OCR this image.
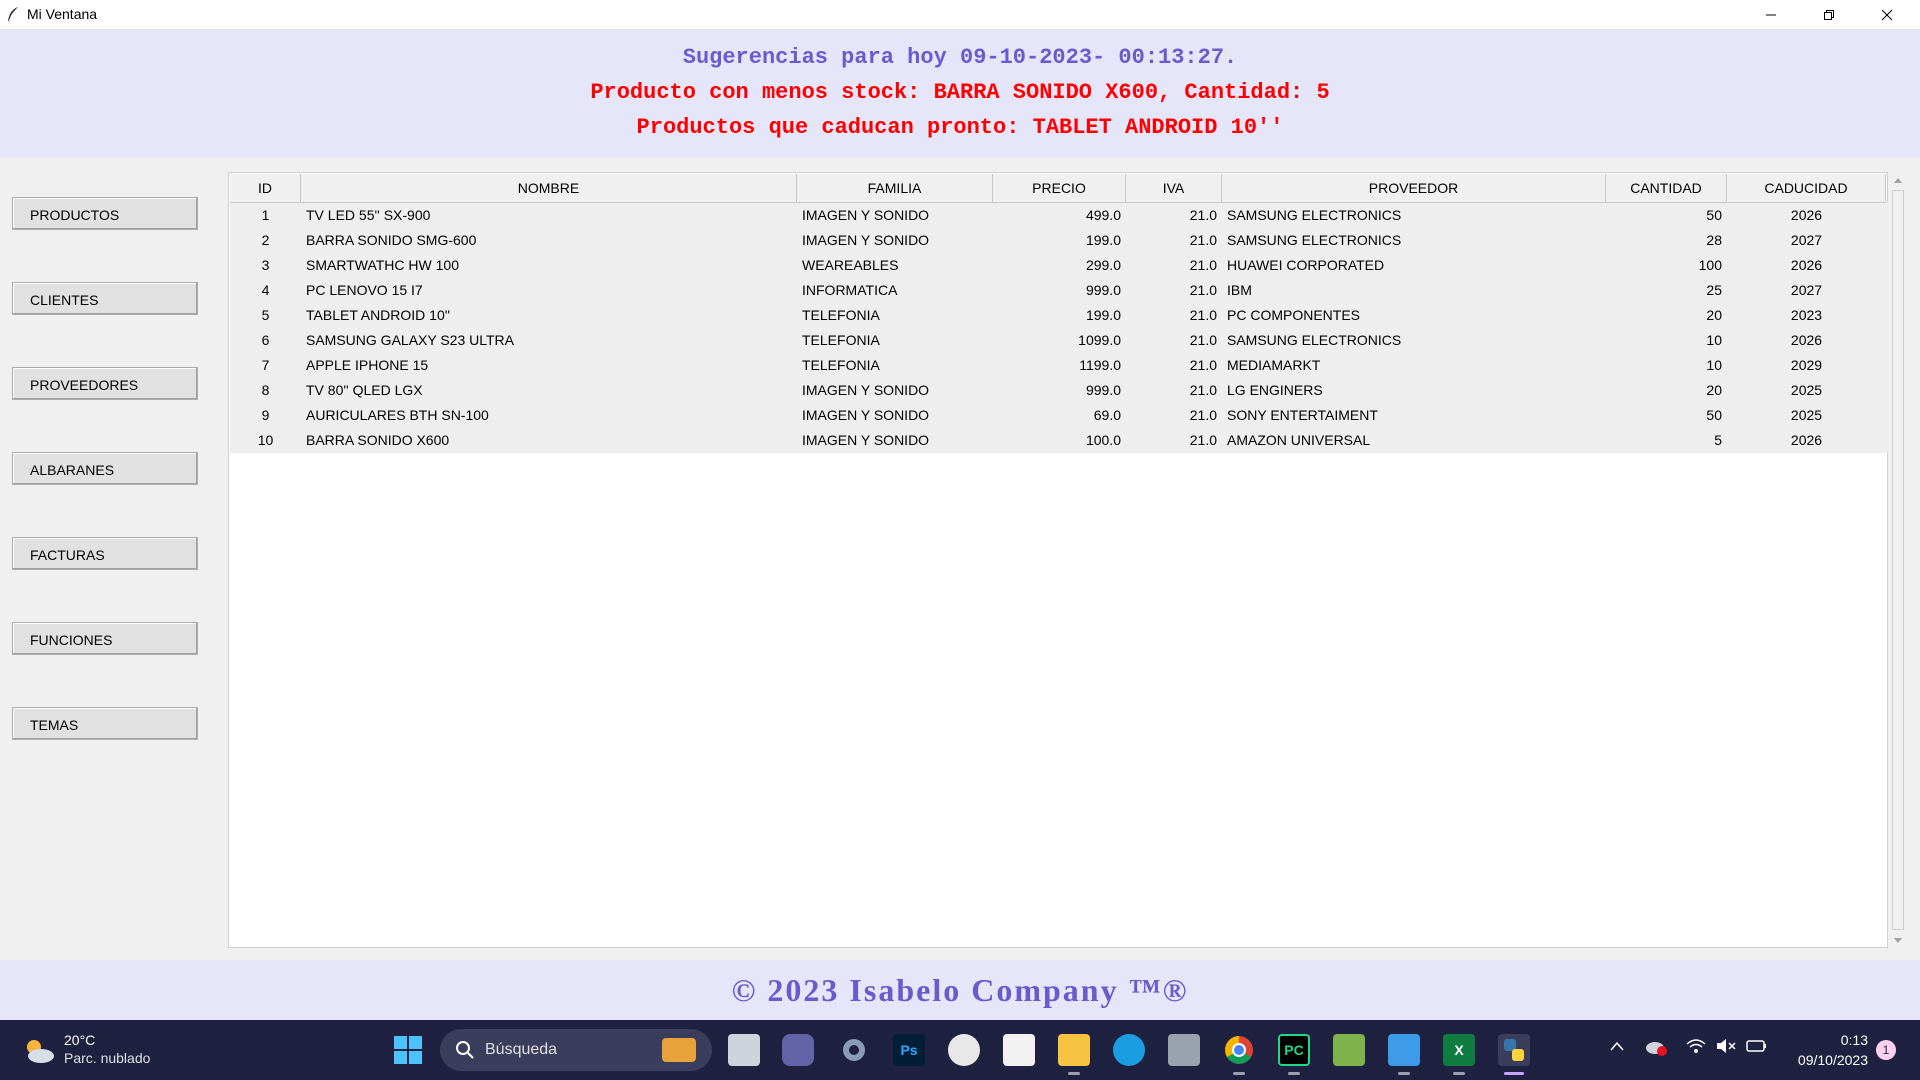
Mi Ventana
Sugerencias para hoy 09-10-2023- 00:13:27.
Producto con menos stock: BARRA SONIDO X600, Cantidad: 5
Productos que caducan pronto: TABLET ANDROID 10''
PRODUCTOS
CLIENTES
PROVEEDORES
ALBARANES
FACTURAS
FUNCIONES
TEMAS
ID	NOMBRE	FAMILIA	PRECIO	IVA	PROVEEDOR	CANTIDAD	CADUCIDAD
1	TV LED 55'' SX-900	IMAGEN Y SONIDO	499.0	21.0 SAMSUNG ELECTRONICS	50	2026
2	BARRA SONIDO SMG-600	IMAGEN Y SONIDO	199.0	21.0 SAMSUNG ELECTRONICS	28	2027
3	SMARTWATHC HW 100	WEAREABLES	299.0	21.0 HUAWEI CORPORATED	100	2026
4	PC LENOVO 15 I7	INFORMATICA	999.0	21.0 IBM	25	2027
5	TABLET ANDROID 10''	TELEFONIA	199.0	21.0 PC COMPONENTES	20	2023
6	SAMSUNG GALAXY S23 ULTRA	TELEFONIA	1099.0	21.0 SAMSUNG ELECTRONICS	10	2026
7	APPLE IPHONE 15	TELEFONIA	1199.0	21.0 MEDIAMARKT	10	2029
8	TV 80'' QLED LGX	IMAGEN Y SONIDO	999.0	21.0 LG ENGINERS	20	2025
9	AURICULARES BTH SN-100	IMAGEN Y SONIDO	69.0	21.0 SONY ENTERTAIMENT	50	2025
10	BARRA SONIDO X600	IMAGEN Y SONIDO	100.0	21.0 AMAZON UNIVERSAL	5	2026
© 2023 Isabelo Company ™®
20°C
Parc. nublado	Búsqueda	Ps	PC	X
0:13
09/10/2023
1
